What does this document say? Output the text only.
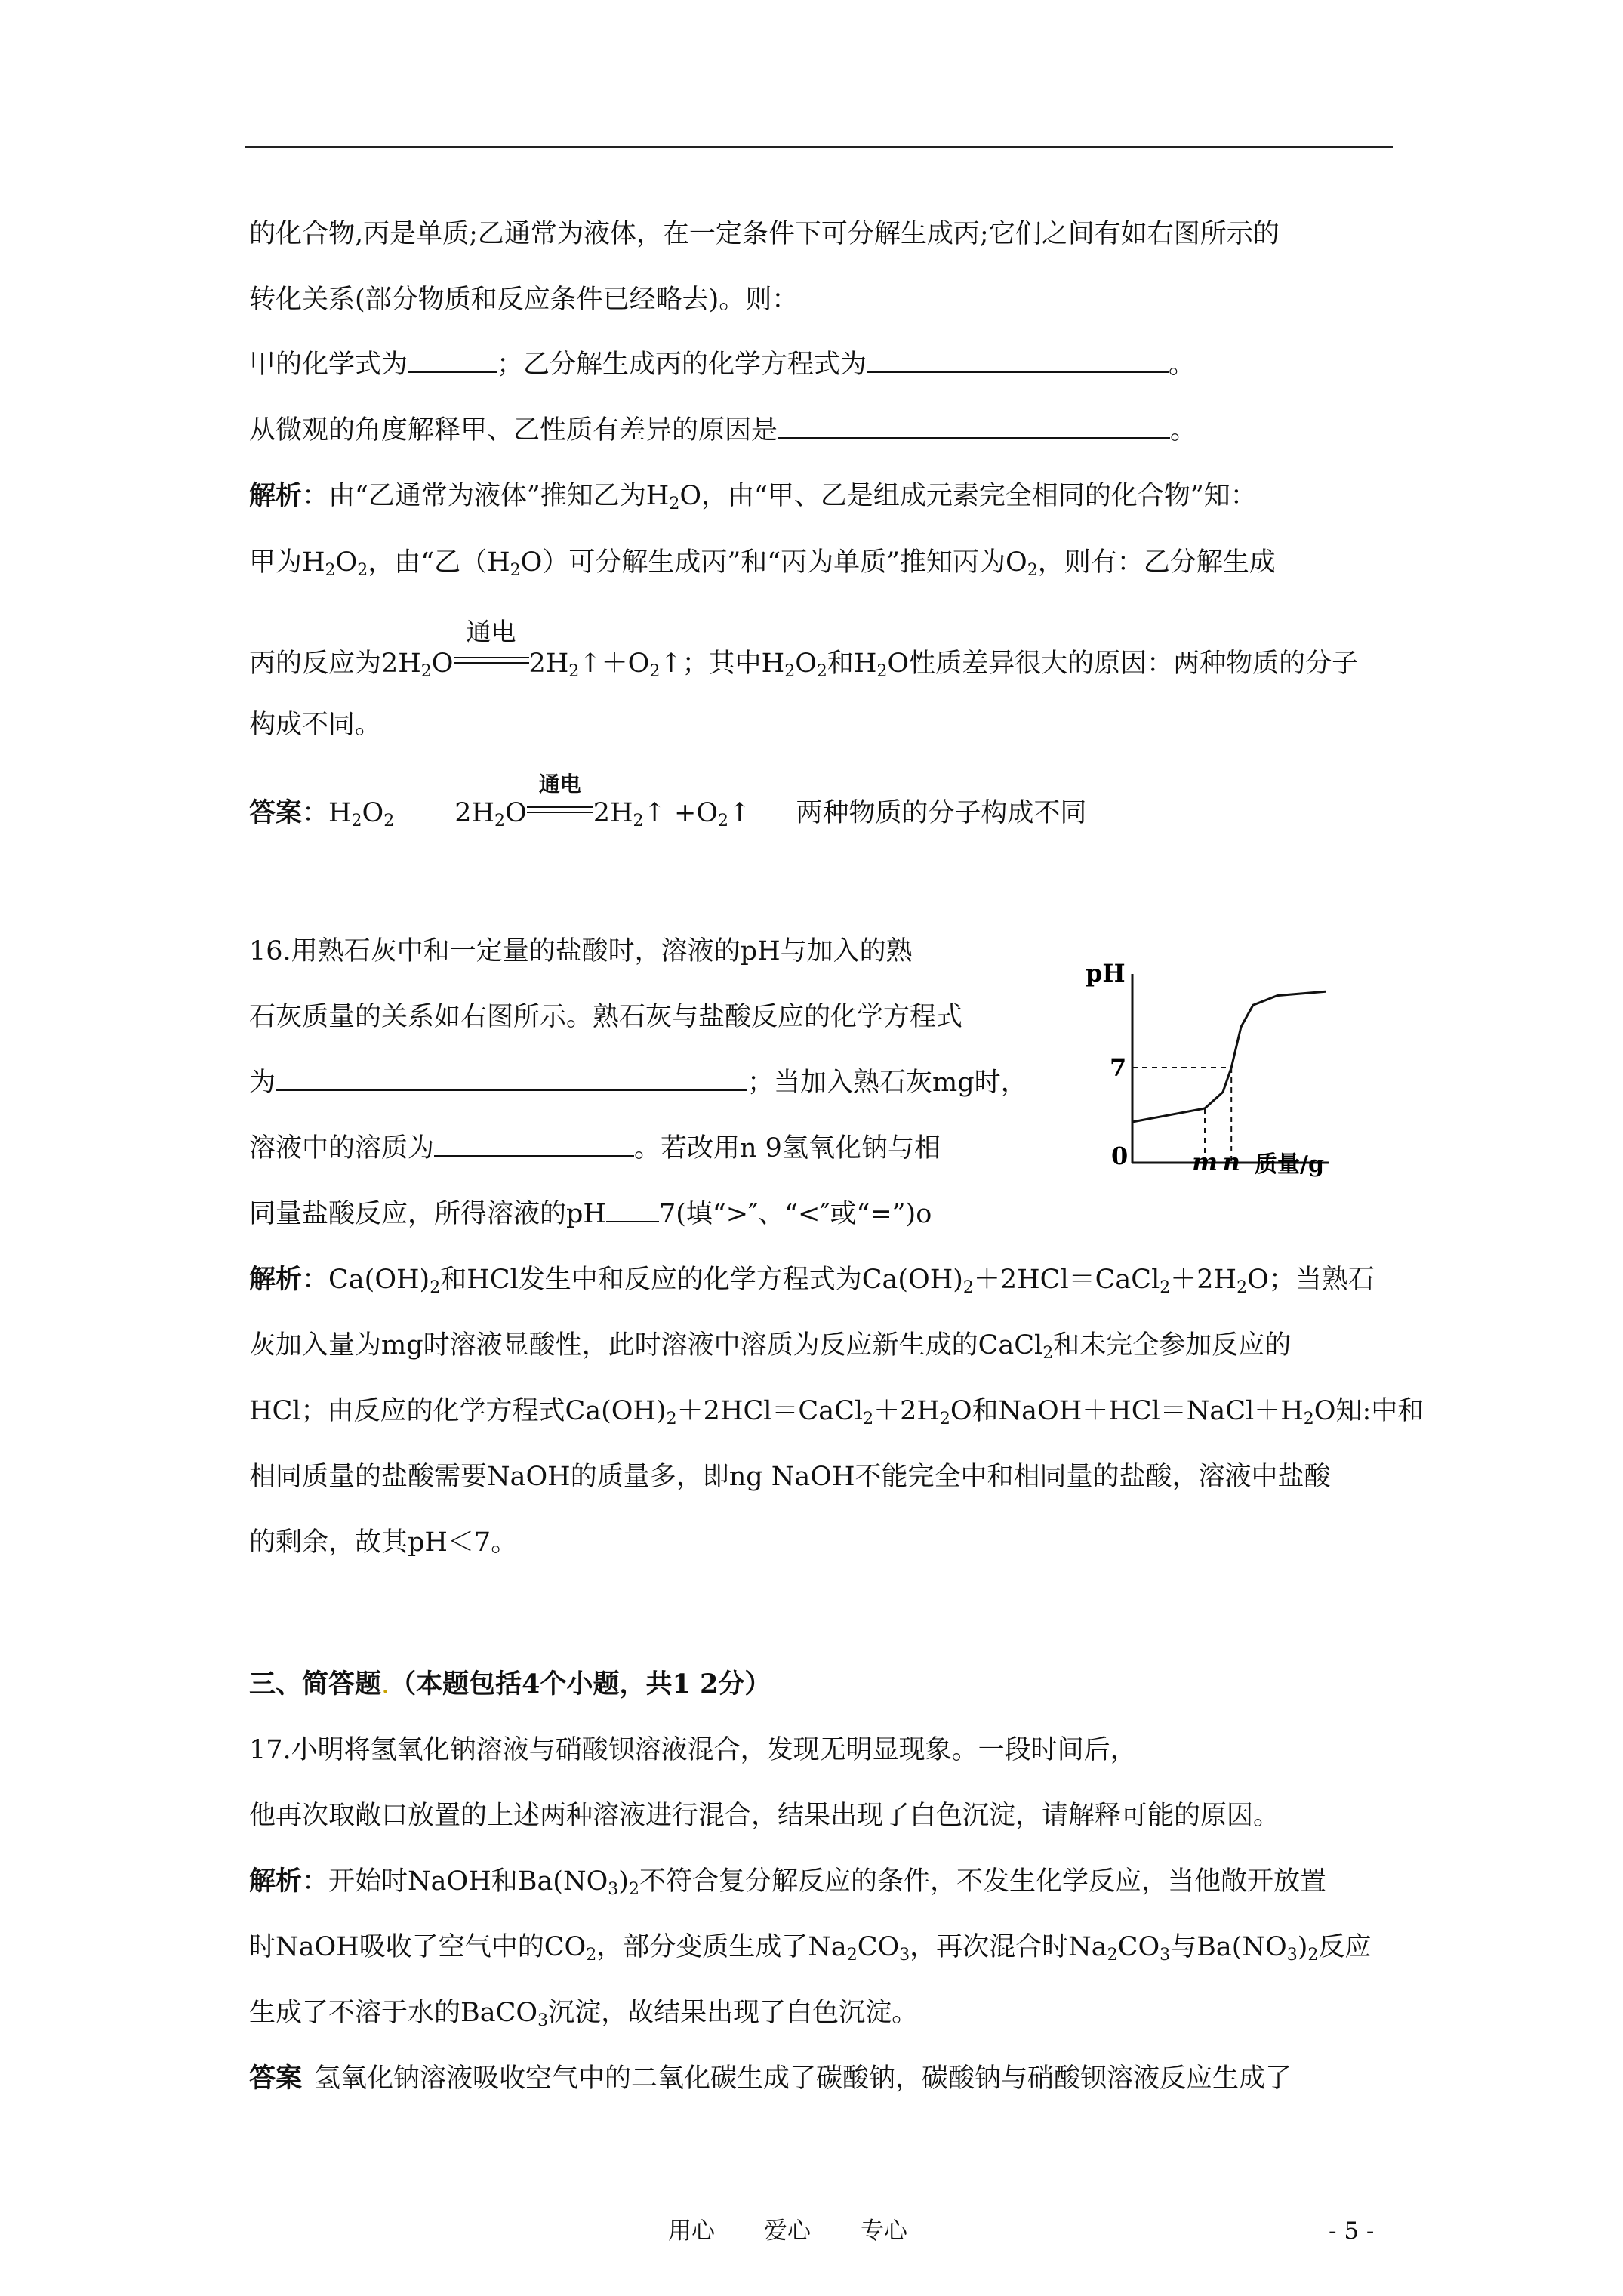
的化合物,丙是单质;乙通常为液体，在一定条件下可分解生成丙;它们之间有如右图所示的
转化关系(部分物质和反应条件已经略去)。则：
甲的化学式为	；乙分解生成丙的化学方程式为	。
从微观的角度解释甲、乙性质有差异的原因是	。
解析：由“乙通常为液体”推知乙为$H_2O$，由“甲、乙是组成元素完全相同的化合物”知：
甲为$H_2O_2$，由“乙$(H_2O)$可分解生成丙”和“丙为单质”推知丙为$O_2$，则有：乙分解生成
丙的反应为$2H_2O$
通电
$2H_2↑+O_2↑$；其中$H_2O_2$和$H_2O$性质差异很大的原因：两种物质的分子
构成不同。
答案：$H_2O_2$ $2H_2O$
通电
$2H_2↑$ $+O_2↑$ 两种物质的分子构成不同
16.用熟石灰中和一定量的盐酸时，溶液的pH与加入的熟
石灰质量的关系如右图所示。熟石灰与盐酸反应的化学方程式
为	；当加入熟石灰mg时，
溶液中的溶质为	。若改用n 9氢氧化钠与相
同量盐酸反应，所得溶液的pH 7(填“>″、“<″或“=”)o
pH
7
0	m n 质量/g
解析：$Ca(OH)_2$和HCl发生中和反应的化学方程式为$Ca(OH)_2+2HCl=CaCl_2+2H_2O$；当熟石
灰加入量为mg时溶液显酸性，此时溶液中溶质为反应新生成的CaCl$_2$和未完全参加反应的
HCl；由反应的化学方程式$Ca(OH)_2+2HCl=CaCl_2+2H_2O$和$NaOH+HCl=NaCl+H_2O$知:中和
相同质量的盐酸需要NaOH的质量多，即ng NaOH不能完全中和相同量的盐酸，溶液中盐酸
的剩余，故其pH＜7。
三、简答题.（本题包括4个小题，共1 2分）
17.小明将氢氧化钠溶液与硝酸钡溶液混合，发现无明显现象。一段时间后，
他再次取敞口放置的上述两种溶液进行混合，结果出现了白色沉淀，请解释可能的原因。
解析：开始时NaOH和$Ba(NO_3)_2$不符合复分解反应的条件，不发生化学反应，当他敞开放置
时NaOH吸收了空气中的$CO_2$，部分变质生成了$Na_2CO_3$，再次混合时$Na_2CO_3$与$Ba(NO_3)_2$反应
生成了不溶于水的BaCO$_3$沉淀，故结果出现了白色沉淀。
答案 氢氧化钠溶液吸收空气中的二氧化碳生成了碳酸钠，碳酸钠与硝酸钡溶液反应生成了
用心 爱心 专心	- 5 -
